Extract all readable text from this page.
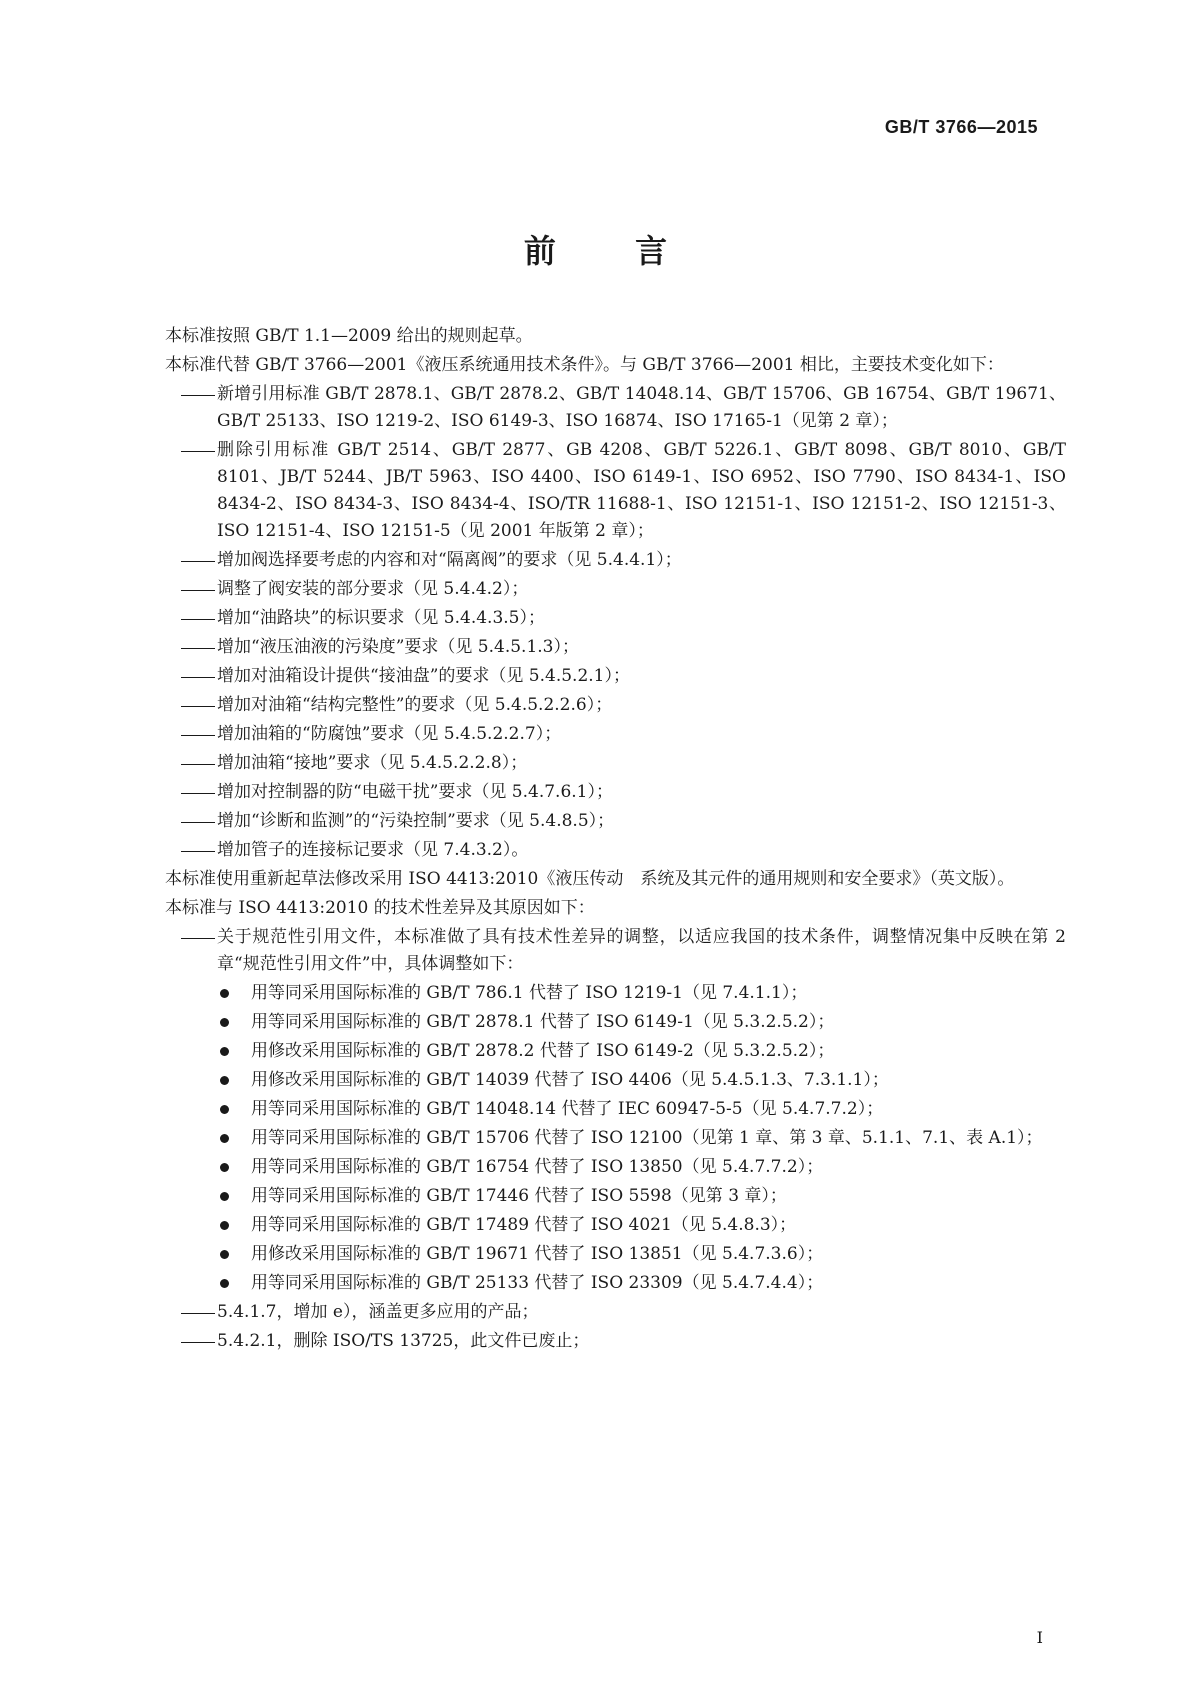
GB/T 3766—2015
前 言

本标准按照 GB/T 1.1—2009 给出的规则起草。

本标准代替 GB/T 3766—2001《液压系统通用技术条件》。与 GB/T 3766—2001 相比，主要技术变化如下：

新增引用标准 GB/T 2878.1、GB/T 2878.2、GB/T 14048.14、GB/T 15706、GB 16754、GB/T 19671、GB/T 25133、ISO 1219-2、ISO 6149-3、ISO 16874、ISO 17165-1（见第 2 章）；
删除引用标准 GB/T 2514、GB/T 2877、GB 4208、GB/T 5226.1、GB/T 8098、GB/T 8010、GB/T 8101、JB/T 5244、JB/T 5963、ISO 4400、ISO 6149-1、ISO 6952、ISO 7790、ISO 8434-1、ISO 8434-2、ISO 8434-3、ISO 8434-4、ISO/TR 11688-1、ISO 12151-1、ISO 12151-2、ISO 12151-3、ISO 12151-4、ISO 12151-5（见 2001 年版第 2 章）；
增加阀选择要考虑的内容和对“隔离阀”的要求（见 5.4.4.1）；
调整了阀安装的部分要求（见 5.4.4.2）；
增加“油路块”的标识要求（见 5.4.4.3.5）；
增加“液压油液的污染度”要求（见 5.4.5.1.3）；
增加对油箱设计提供“接油盘”的要求（见 5.4.5.2.1）；
增加对油箱“结构完整性”的要求（见 5.4.5.2.2.6）；
增加油箱的“防腐蚀”要求（见 5.4.5.2.2.7）；
增加油箱“接地”要求（见 5.4.5.2.2.8）；
增加对控制器的防“电磁干扰”要求（见 5.4.7.6.1）；
增加“诊断和监测”的“污染控制”要求（见 5.4.8.5）；
增加管子的连接标记要求（见 7.4.3.2）。

本标准使用重新起草法修改采用 ISO 4413:2010《液压传动　系统及其元件的通用规则和安全要求》（英文版）。

本标准与 ISO 4413:2010 的技术性差异及其原因如下：

关于规范性引用文件，本标准做了具有技术性差异的调整，以适应我国的技术条件，调整情况集中反映在第 2 章“规范性引用文件”中，具体调整如下：
用等同采用国际标准的 GB/T 786.1 代替了 ISO 1219-1（见 7.4.1.1）；
用等同采用国际标准的 GB/T 2878.1 代替了 ISO 6149-1（见 5.3.2.5.2）；
用修改采用国际标准的 GB/T 2878.2 代替了 ISO 6149-2（见 5.3.2.5.2）；
用修改采用国际标准的 GB/T 14039 代替了 ISO 4406（见 5.4.5.1.3、7.3.1.1）；
用等同采用国际标准的 GB/T 14048.14 代替了 IEC 60947-5-5（见 5.4.7.7.2）；
用等同采用国际标准的 GB/T 15706 代替了 ISO 12100（见第 1 章、第 3 章、5.1.1、7.1、表 A.1）；
用等同采用国际标准的 GB/T 16754 代替了 ISO 13850（见 5.4.7.7.2）；
用等同采用国际标准的 GB/T 17446 代替了 ISO 5598（见第 3 章）；
用等同采用国际标准的 GB/T 17489 代替了 ISO 4021（见 5.4.8.3）；
用修改采用国际标准的 GB/T 19671 代替了 ISO 13851（见 5.4.7.3.6）；
用等同采用国际标准的 GB/T 25133 代替了 ISO 23309（见 5.4.7.4.4）；
5.4.1.7，增加 e），涵盖更多应用的产品；
5.4.2.1，删除 ISO/TS 13725，此文件已废止；
I
